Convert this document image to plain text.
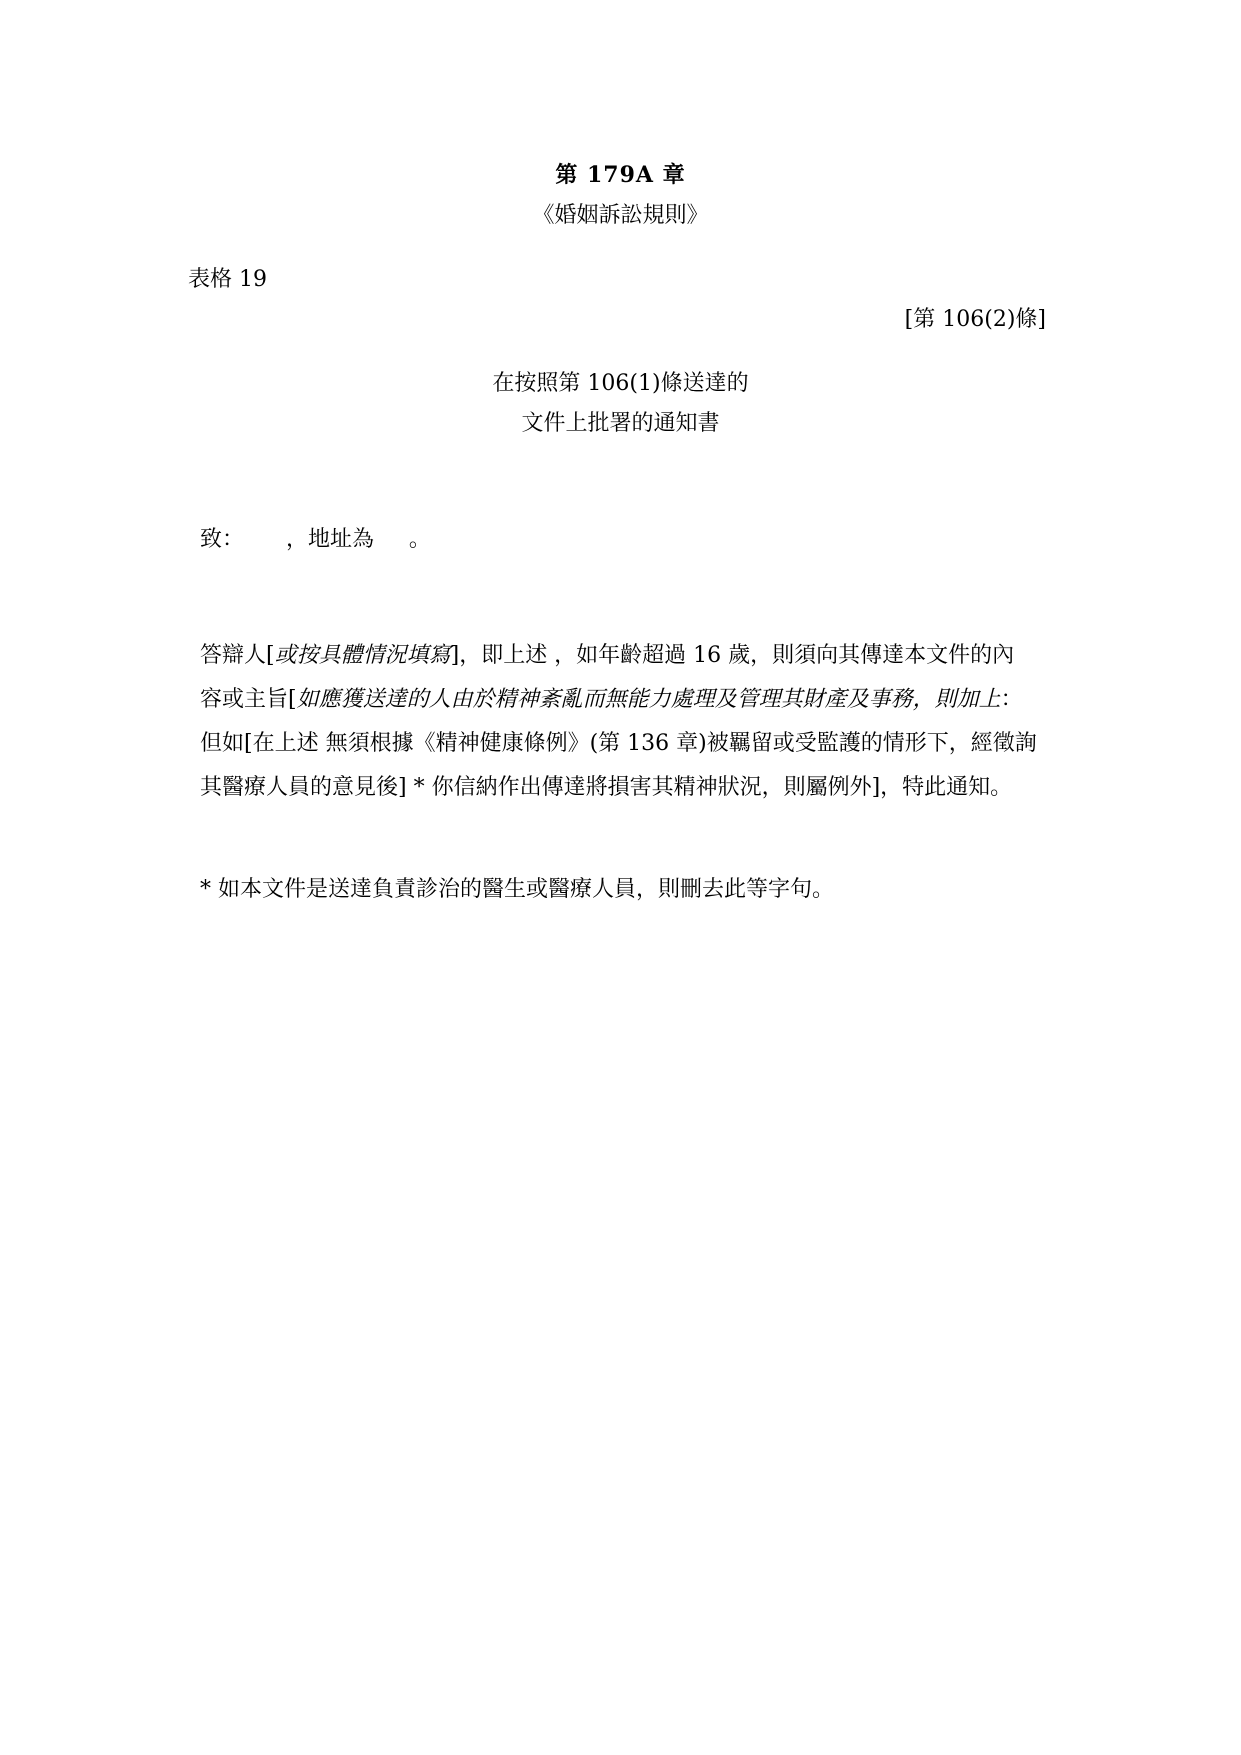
第 179A 章
《婚姻訴訟規則》
表格 19
[第 106(2)條]
在按照第 106(1)條送達的
文件上批署的通知書
致：      ，地址為     。
答辯人[或按具體情況填寫]，即上述 ，如年齡超過 16 歲，則須向其傳達本文件的內
容或主旨[如應獲送達的人由於精神紊亂而無能力處理及管理其財產及事務，則加上：
但如[在上述 無須根據《精神健康條例》(第 136 章)被羈留或受監護的情形下，經徵詢
其醫療人員的意見後] * 你信納作出傳達將損害其精神狀況，則屬例外]，特此通知。
* 如本文件是送達負責診治的醫生或醫療人員，則刪去此等字句。
